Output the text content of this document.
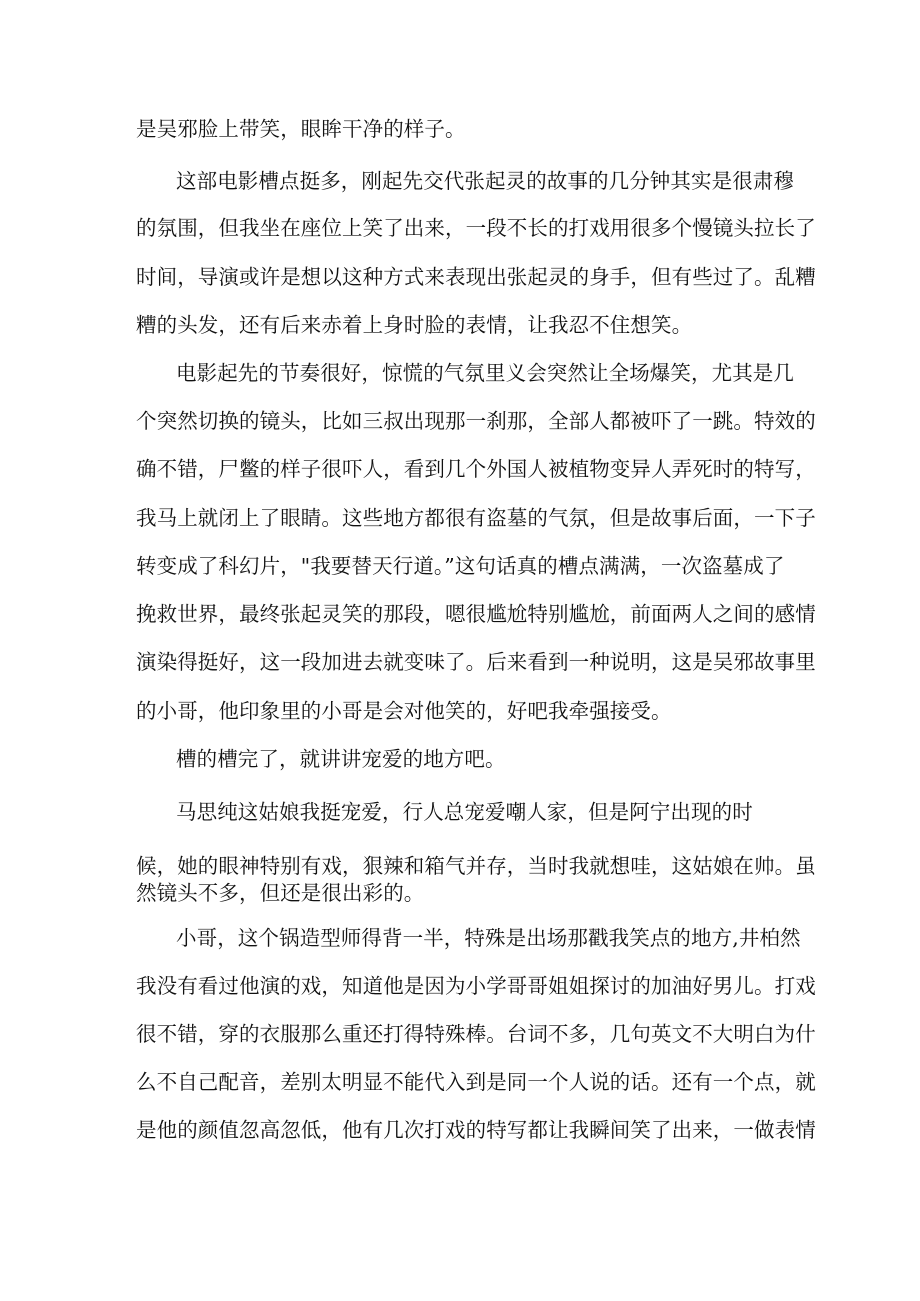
是吴邪脸上带笑，眼眸干净的样子。

这部电影槽点挺多，刚起先交代张起灵的故事的几分钟其实是很肃穆

的氛围，但我坐在座位上笑了出来，一段不长的打戏用很多个慢镜头拉长了

时间，导演或许是想以这种方式来表现出张起灵的身手，但有些过了。乱糟

糟的头发，还有后来赤着上身时脸的表情，让我忍不住想笑。

电影起先的节奏很好，惊慌的气氛里义会突然让全场爆笑，尤其是几

个突然切换的镜头，比如三叔出现那一刹那，全部人都被吓了一跳。特效的

确不错，尸鳖的样子很吓人，看到几个外国人被植物变异人弄死时的特写，

我马上就闭上了眼睛。这些地方都很有盗墓的气氛，但是故事后面，一下子

转变成了科幻片，"我要替天行道。”这句话真的槽点满满，一次盗墓成了

挽救世界，最终张起灵笑的那段，嗯很尴尬特别尴尬，前面两人之间的感情

演染得挺好，这一段加进去就变味了。后来看到一种说明，这是吴邪故事里

的小哥，他印象里的小哥是会对他笑的，好吧我牵强接受。

槽的槽完了，就讲讲宠爱的地方吧。

马思纯这姑娘我挺宠爱，行人总宠爱嘲人家，但是阿宁出现的时

候，她的眼神特别有戏，狠辣和箱气并存，当时我就想哇，这姑娘在帅。虽

然镜头不多，但还是很出彩的。

小哥，这个锅造型师得背一半，特殊是出场那戳我笑点的地方,井柏然

我没有看过他演的戏，知道他是因为小学哥哥姐姐探讨的加油好男儿。打戏

很不错，穿的衣服那么重还打得特殊棒。台词不多，几句英文不大明白为什

么不自己配音，差别太明显不能代入到是同一个人说的话。还有一个点，就

是他的颜值忽高忽低，他有几次打戏的特写都让我瞬间笑了出来，一做表情
